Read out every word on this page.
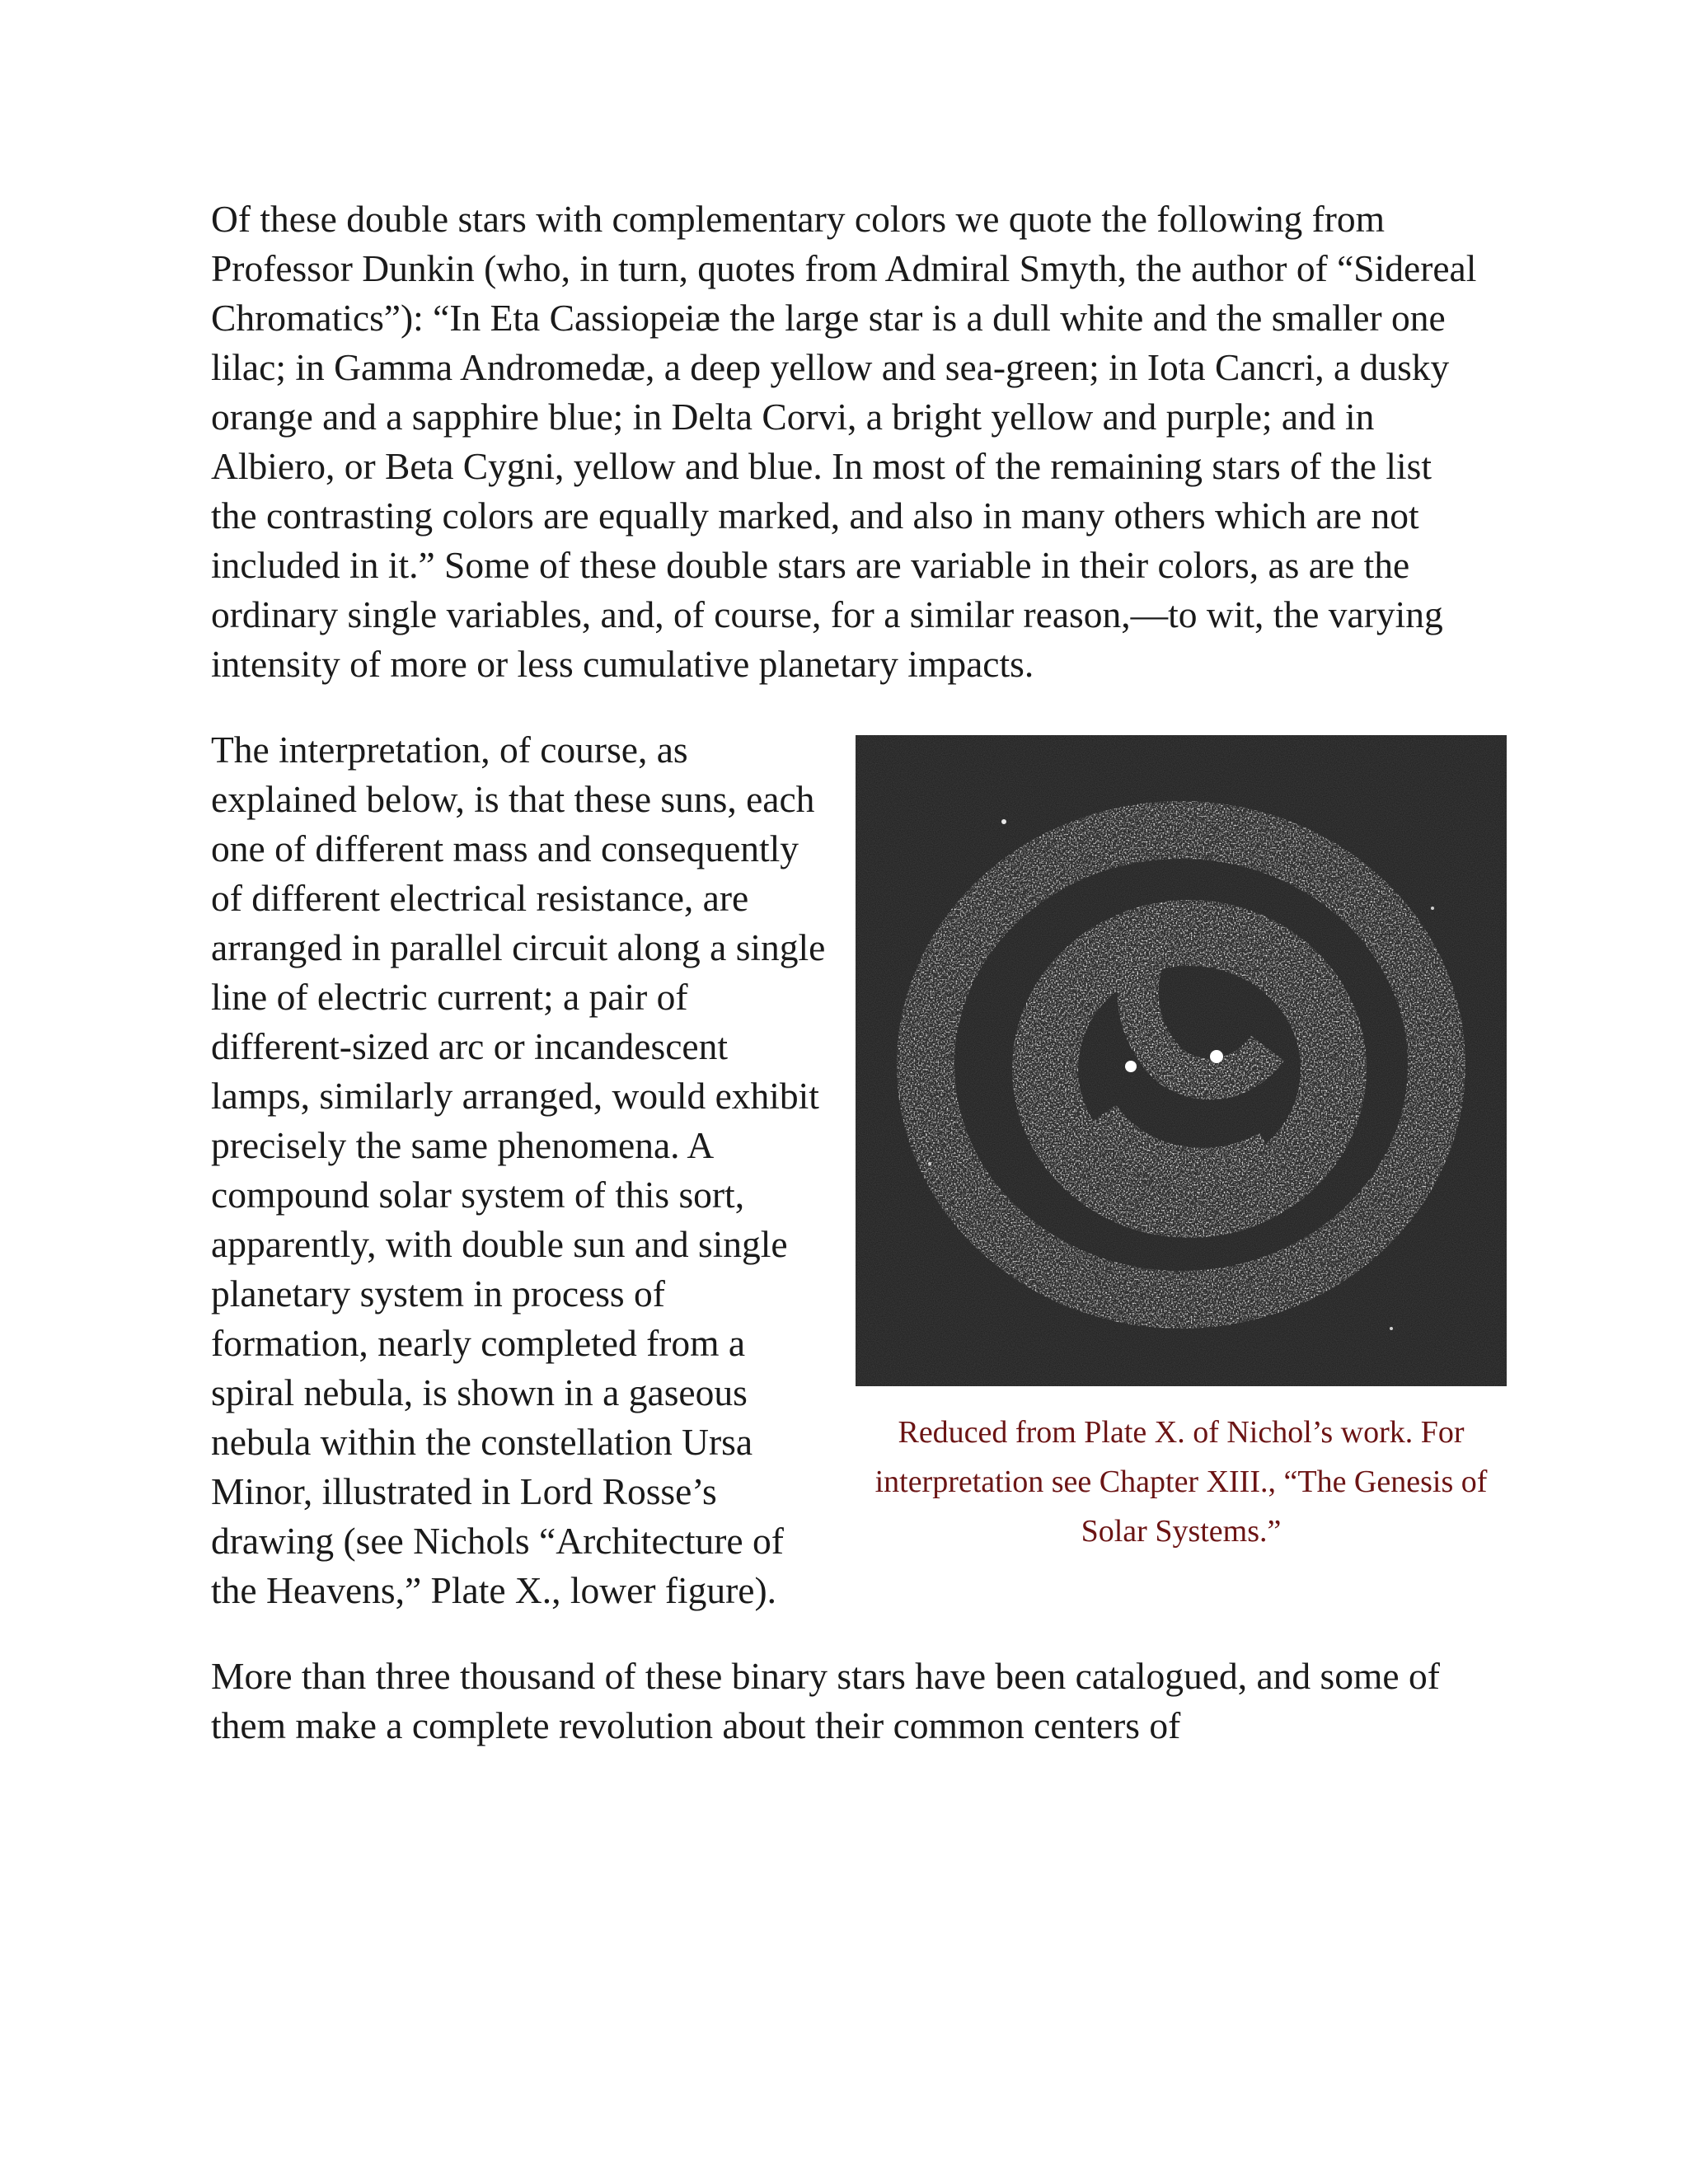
Of these double stars with complementary colors we quote the following from Professor Dunkin (who, in turn, quotes from Admiral Smyth, the author of “Sidereal Chromatics”): “In Eta Cassiopeiæ the large star is a dull white and the smaller one lilac; in Gamma Andromedæ, a deep yellow and sea-green; in Iota Cancri, a dusky orange and a sapphire blue; in Delta Corvi, a bright yellow and purple; and in Albiero, or Beta Cygni, yellow and blue. In most of the remaining stars of the list the contrasting colors are equally marked, and also in many others which are not included in it.” Some of these double stars are variable in their colors, as are the ordinary single variables, and, of course, for a similar reason,—to wit, the varying intensity of more or less cumulative planetary impacts.

Reduced from Plate X. of Nichol’s work. For interpretation see Chapter XIII., “The Genesis of Solar Systems.”

The interpretation, of course, as explained below, is that these suns, each one of different mass and consequently of different electrical resistance, are arranged in parallel circuit along a single line of electric current; a pair of different-sized arc or incandescent lamps, similarly arranged, would exhibit precisely the same phenomena. A compound solar system of this sort, apparently, with double sun and single planetary system in process of formation, nearly completed from a spiral nebula, is shown in a gaseous nebula within the constellation Ursa Minor, illustrated in Lord Rosse’s drawing (see Nichols “Architecture of the Heavens,” Plate X., lower figure).

More than three thousand of these binary stars have been catalogued, and some of them make a complete revolution about their common centers of
